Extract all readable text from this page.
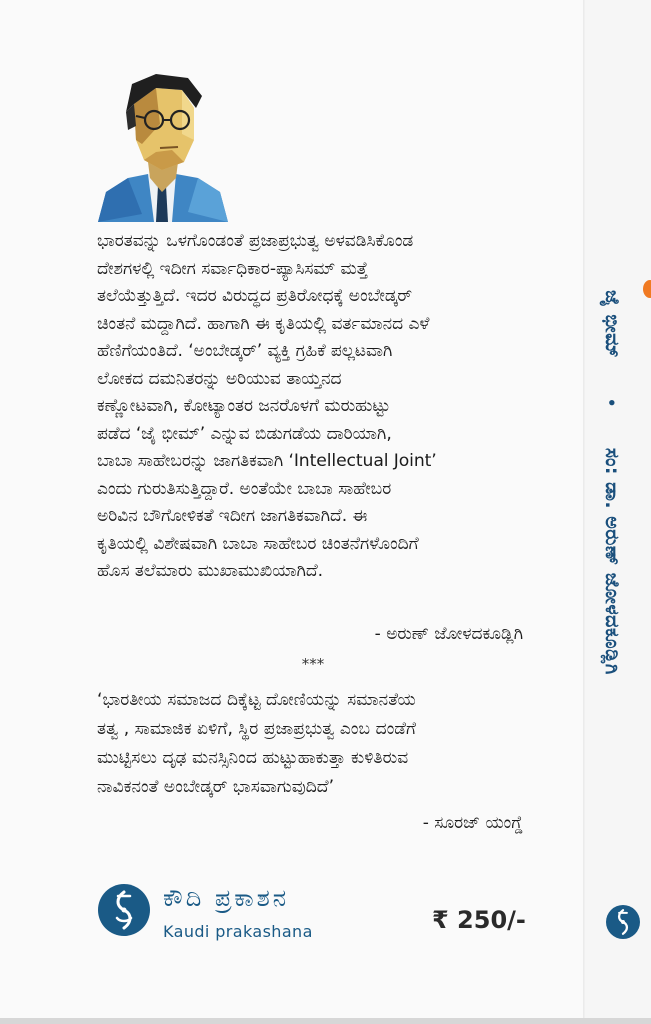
ಭಾರತವನ್ನು ಒಳಗೊಂಡಂತೆ ಪ್ರಜಾಪ್ರಭುತ್ವ ಅಳವಡಿಸಿಕೊಂಡ
ದೇಶಗಳಲ್ಲಿ ಇದೀಗ ಸರ್ವಾಧಿಕಾರ-ಪ್ಯಾಸಿಸಮ್ ಮತ್ತೆ
ತಲೆಯೆತ್ತುತ್ತಿದೆ. ಇದರ ವಿರುದ್ಧದ ಪ್ರತಿರೋಧಕ್ಕೆ ಅಂಬೇಡ್ಕರ್
ಚಿಂತನೆ ಮದ್ದಾಗಿದೆ. ಹಾಗಾಗಿ ಈ ಕೃತಿಯಲ್ಲಿ ವರ್ತಮಾನದ ಎಳೆ
ಹೆಣಿಗೆಯಂತಿದೆ. ‘ಅಂಬೇಡ್ಕರ್’ ವ್ಯಕ್ತಿ ಗ್ರಹಿಕೆ ಪಲ್ಲಟವಾಗಿ
ಲೋಕದ ದಮನಿತರನ್ನು ಅರಿಯುವ ತಾಯ್ತನದ
ಕಣ್ಣೋಟವಾಗಿ, ಕೋಟ್ಯಾಂತರ ಜನರೊಳಗೆ ಮರುಹುಟ್ಟು
ಪಡೆದ ‘ಜೈ ಭೀಮ್’ ಎನ್ನುವ ಬಿಡುಗಡೆಯ ದಾರಿಯಾಗಿ,
ಬಾಬಾ ಸಾಹೇಬರನ್ನು ಜಾಗತಿಕವಾಗಿ ‘Intellectual Joint’
ಎಂದು ಗುರುತಿಸುತ್ತಿದ್ದಾರೆ. ಅಂತೆಯೇ ಬಾಬಾ ಸಾಹೇಬರ
ಅರಿವಿನ ಬೌಗೋಳಿಕತೆ ಇದೀಗ ಜಾಗತಿಕವಾಗಿದೆ. ಈ
ಕೃತಿಯಲ್ಲಿ ವಿಶೇಷವಾಗಿ ಬಾಬಾ ಸಾಹೇಬರ ಚಿಂತನೆಗಳೊಂದಿಗೆ
ಹೊಸ ತಲೆಮಾರು ಮುಖಾಮುಖಿಯಾಗಿದೆ.

- ಅರುಣ್ ಜೋಳದಕೂಡ್ಲಿಗಿ
***

‘ಭಾರತೀಯ ಸಮಾಜದ ದಿಕ್ಕೆಟ್ಟ ದೋಣಿಯನ್ನು ಸಮಾನತೆಯ
ತತ್ವ , ಸಾಮಾಜಿಕ ಏಳಿಗೆ, ಸ್ಥಿರ ಪ್ರಜಾಪ್ರಭುತ್ವ ಎಂಬ ದಂಡೆಗೆ
ಮುಟ್ಟಿಸಲು ದೃಢ ಮನಸ್ಸಿನಿಂದ ಹುಟ್ಟುಹಾಕುತ್ತಾ ಕುಳಿತಿರುವ
ನಾವಿಕನಂತೆ ಅಂಬೇಡ್ಕರ್ ಭಾಸವಾಗುವುದಿದೆ’

- ಸೂರಜ್ ಯಂಗ್ಡೆ
ಕೌದಿ ಪ್ರಕಾಶನ
Kaudi prakashana	₹ 250/-
ಜೈ ಭೀಮ್•ಸಂ: ಡಾ. ಅರುಣ್ ಜೋಳದಕೂಡ್ಲಿಗಿ
